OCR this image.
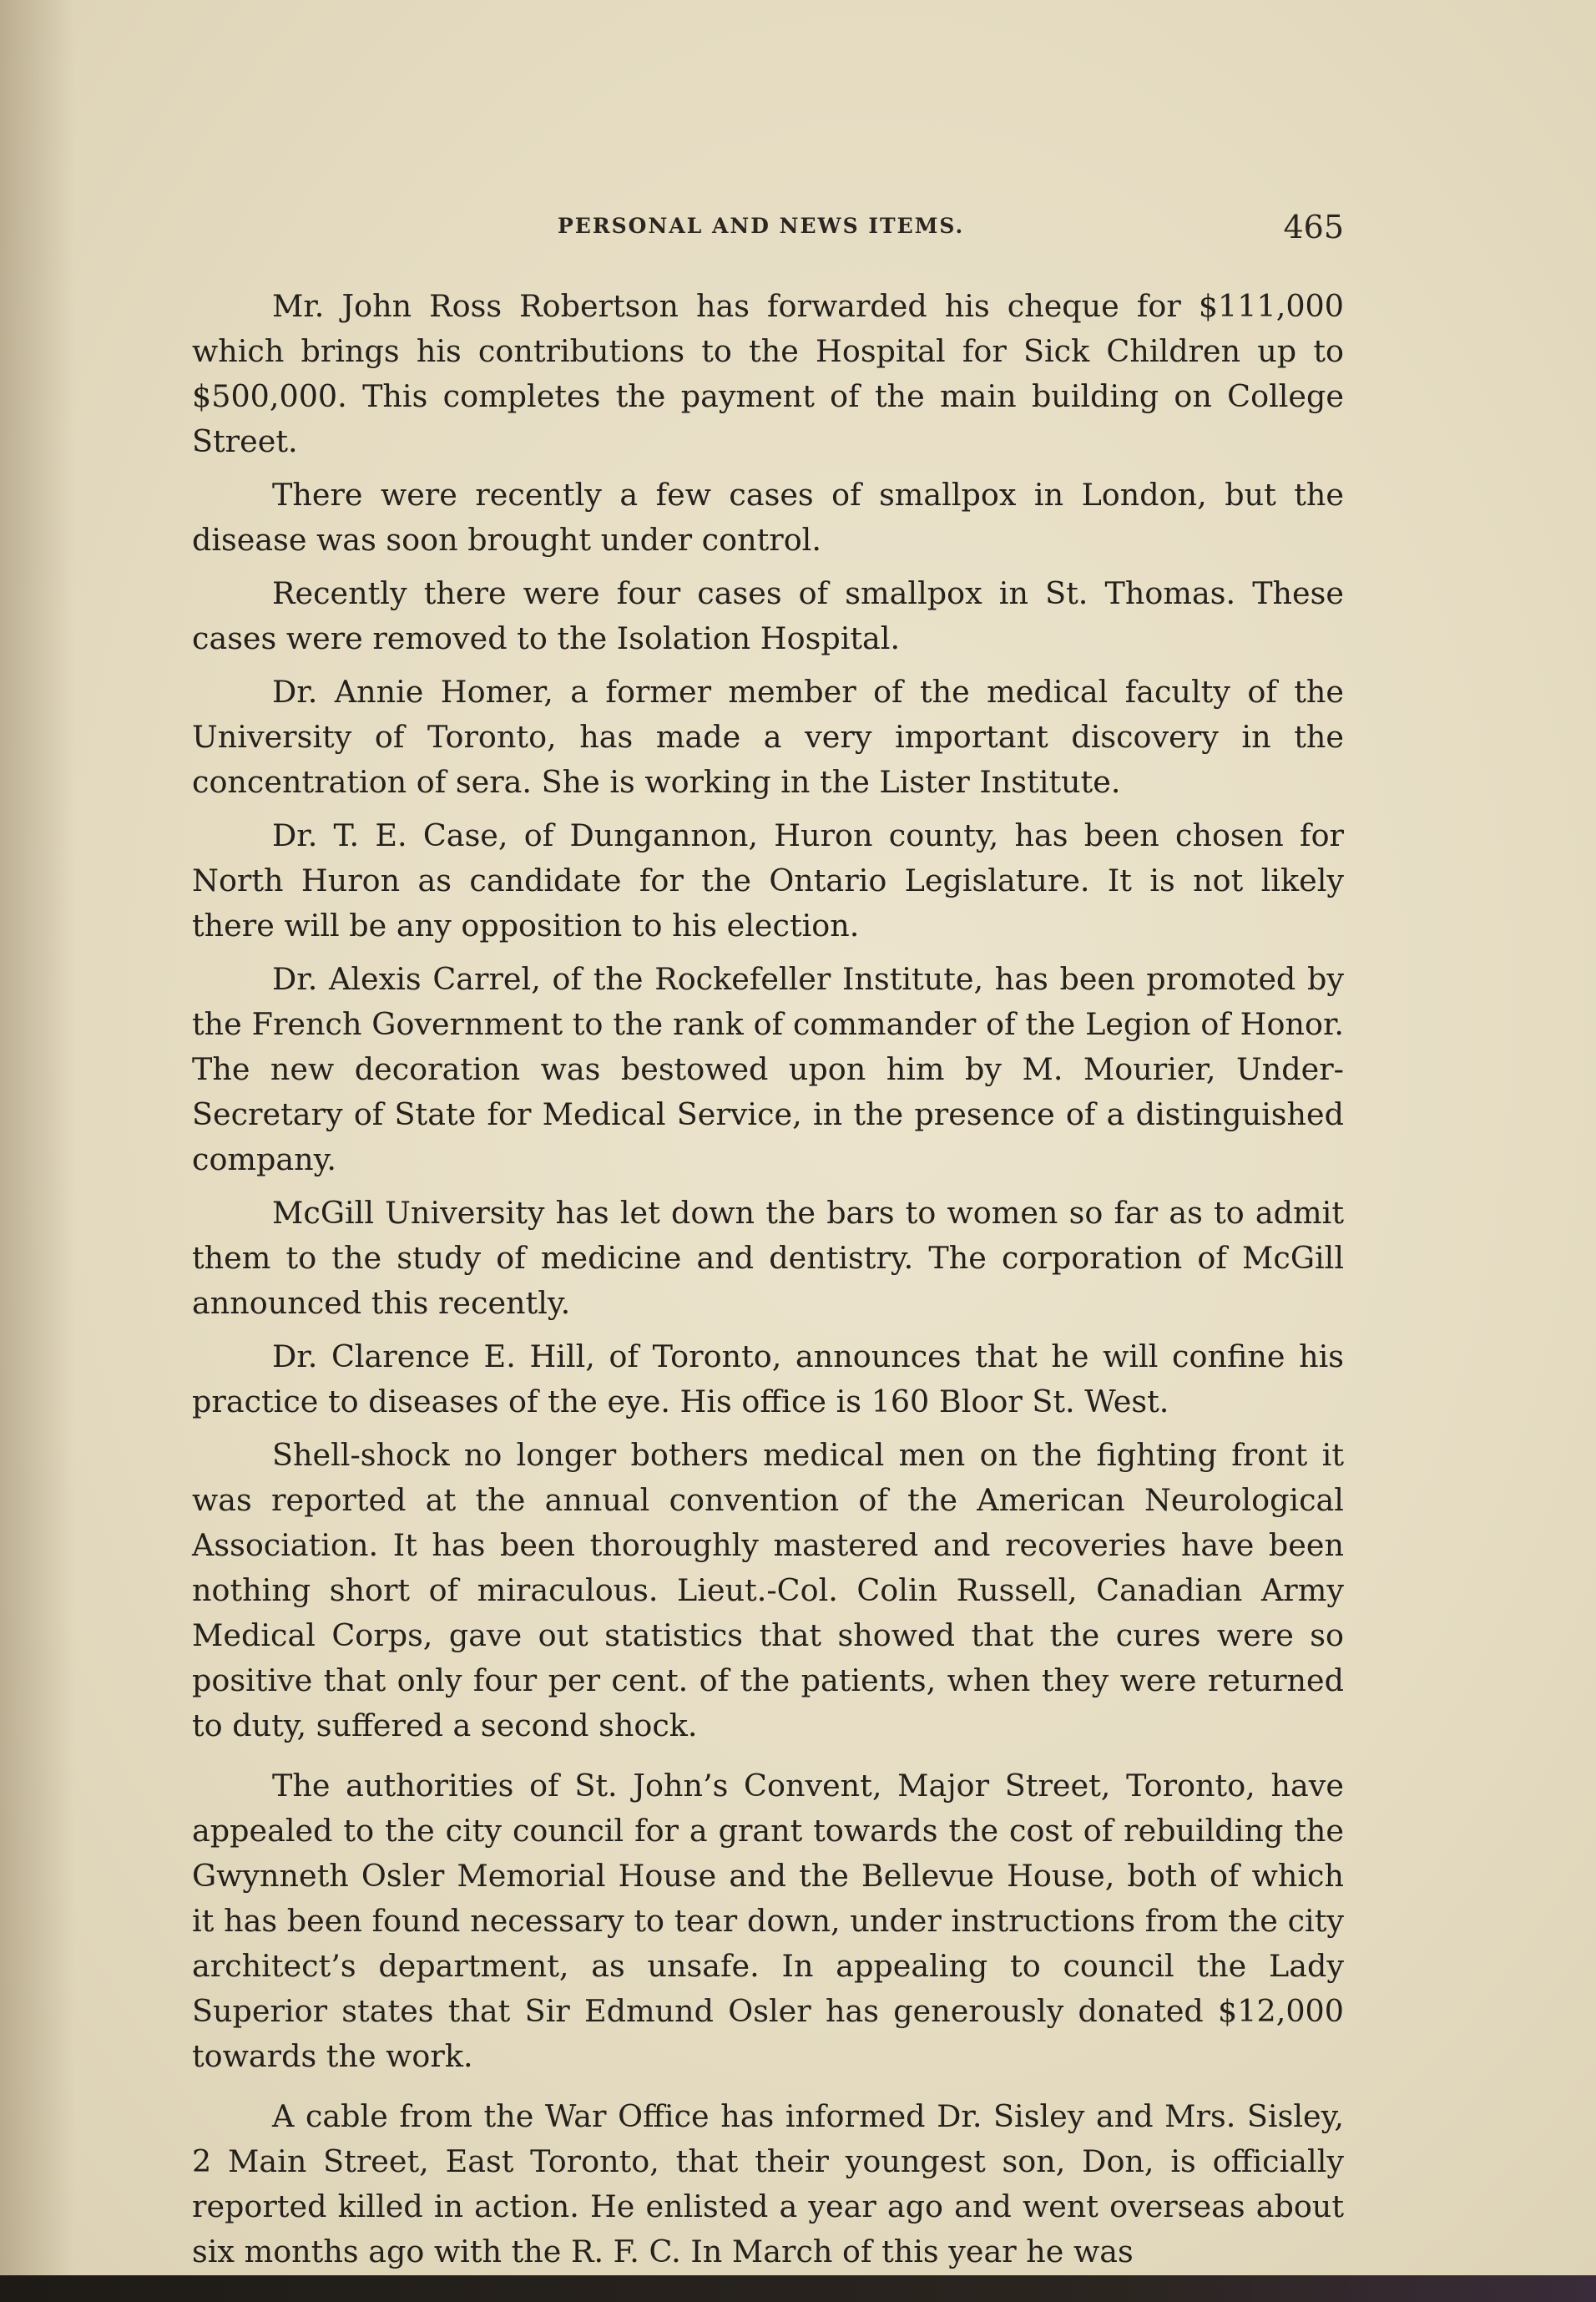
PERSONAL AND NEWS ITEMS.	465

Mr. John Ross Robertson has forwarded his cheque for $111,000 which brings his contributions to the Hospital for Sick Children up to $500,000. This completes the payment of the main building on College Street.

There were recently a few cases of smallpox in London, but the disease was soon brought under control.

Recently there were four cases of smallpox in St. Thomas. These cases were removed to the Isolation Hospital.

Dr. Annie Homer, a former member of the medical faculty of the University of Toronto, has made a very important discovery in the concentration of sera. She is working in the Lister Institute.

Dr. T. E. Case, of Dungannon, Huron county, has been chosen for North Huron as candidate for the Ontario Legislature. It is not likely there will be any opposition to his election.

Dr. Alexis Carrel, of the Rockefeller Institute, has been promoted by the French Government to the rank of commander of the Legion of Honor. The new decoration was bestowed upon him by M. Mourier, Under-Secretary of State for Medical Service, in the presence of a distinguished company.

McGill University has let down the bars to women so far as to admit them to the study of medicine and dentistry. The corporation of McGill announced this recently.

Dr. Clarence E. Hill, of Toronto, announces that he will confine his practice to diseases of the eye. His office is 160 Bloor St. West.

Shell-shock no longer bothers medical men on the fighting front it was reported at the annual convention of the American Neurological Association. It has been thoroughly mastered and recoveries have been nothing short of miraculous. Lieut.-Col. Colin Russell, Canadian Army Medical Corps, gave out statistics that showed that the cures were so positive that only four per cent. of the patients, when they were returned to duty, suffered a second shock.

The authorities of St. John’s Convent, Major Street, Toronto, have appealed to the city council for a grant towards the cost of rebuilding the Gwynneth Osler Memorial House and the Bellevue House, both of which it has been found necessary to tear down, under instructions from the city architect’s department, as unsafe. In appealing to council the Lady Superior states that Sir Edmund Osler has generously donated $12,000 towards the work.

A cable from the War Office has informed Dr. Sisley and Mrs. Sisley, 2 Main Street, East Toronto, that their youngest son, Don, is officially reported killed in action. He enlisted a year ago and went overseas about six months ago with the R. F. C. In March of this year he was
